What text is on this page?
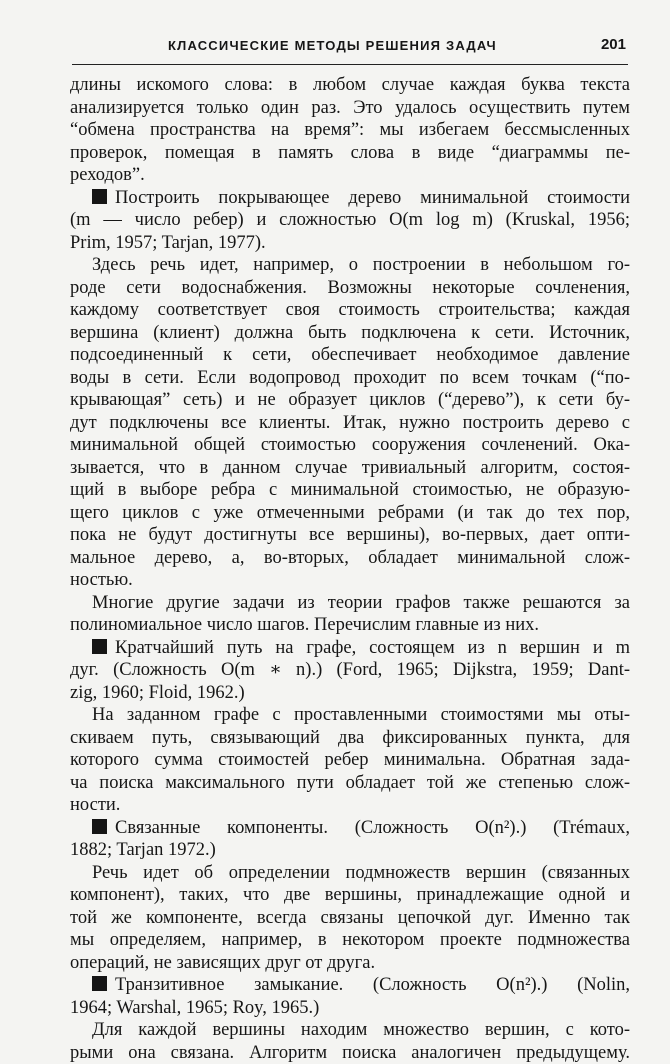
КЛАССИЧЕСКИЕ МЕТОДЫ РЕШЕНИЯ ЗАДАЧ	201
длины искомого слова: в любом случае каждая буква текста
анализируется только один раз. Это удалось осуществить путем
“обмена пространства на время”: мы избегаем бессмысленных
проверок, помещая в память слова в виде “диаграммы пе-
реходов”.
Построить покрывающее дерево минимальной стоимости
(m — число ребер) и сложностью O(m log m) (Kruskal, 1956;
Prim, 1957; Tarjan, 1977).
Здесь речь идет, например, о построении в небольшом го-
роде сети водоснабжения. Возможны некоторые сочленения,
каждому соответствует своя стоимость строительства; каждая
вершина (клиент) должна быть подключена к сети. Источник,
подсоединенный к сети, обеспечивает необходимое давление
воды в сети. Если водопровод проходит по всем точкам (“по-
крывающая” сеть) и не образует циклов (“дерево”), к сети бу-
дут подключены все клиенты. Итак, нужно построить дерево с
минимальной общей стоимостью сооружения сочленений. Ока-
зывается, что в данном случае тривиальный алгоритм, состоя-
щий в выборе ребра с минимальной стоимостью, не образую-
щего циклов с уже отмеченными ребрами (и так до тех пор,
пока не будут достигнуты все вершины), во-первых, дает опти-
мальное дерево, а, во-вторых, обладает минимальной слож-
ностью.
Многие другие задачи из теории графов также решаются за
полиномиальное число шагов. Перечислим главные из них.
Кратчайший путь на графе, состоящем из n вершин и m
дуг. (Сложность O(m ∗ n).) (Ford, 1965; Dijkstra, 1959; Dant-
zig, 1960; Floid, 1962.)
На заданном графе с проставленными стоимостями мы оты-
скиваем путь, связывающий два фиксированных пункта, для
которого сумма стоимостей ребер минимальна. Обратная зада-
ча поиска максимального пути обладает той же степенью слож-
ности.
Связанные компоненты. (Сложность O(n²).) (Trémaux,
1882; Tarjan 1972.)
Речь идет об определении подмножеств вершин (связанных
компонент), таких, что две вершины, принадлежащие одной и
той же компоненте, всегда связаны цепочкой дуг. Именно так
мы определяем, например, в некотором проекте подмножества
операций, не зависящих друг от друга.
Транзитивное замыкание. (Сложность O(n²).) (Nolin,
1964; Warshal, 1965; Roy, 1965.)
Для каждой вершины находим множество вершин, с кото-
рыми она связана. Алгоритм поиска аналогичен предыдущему.
